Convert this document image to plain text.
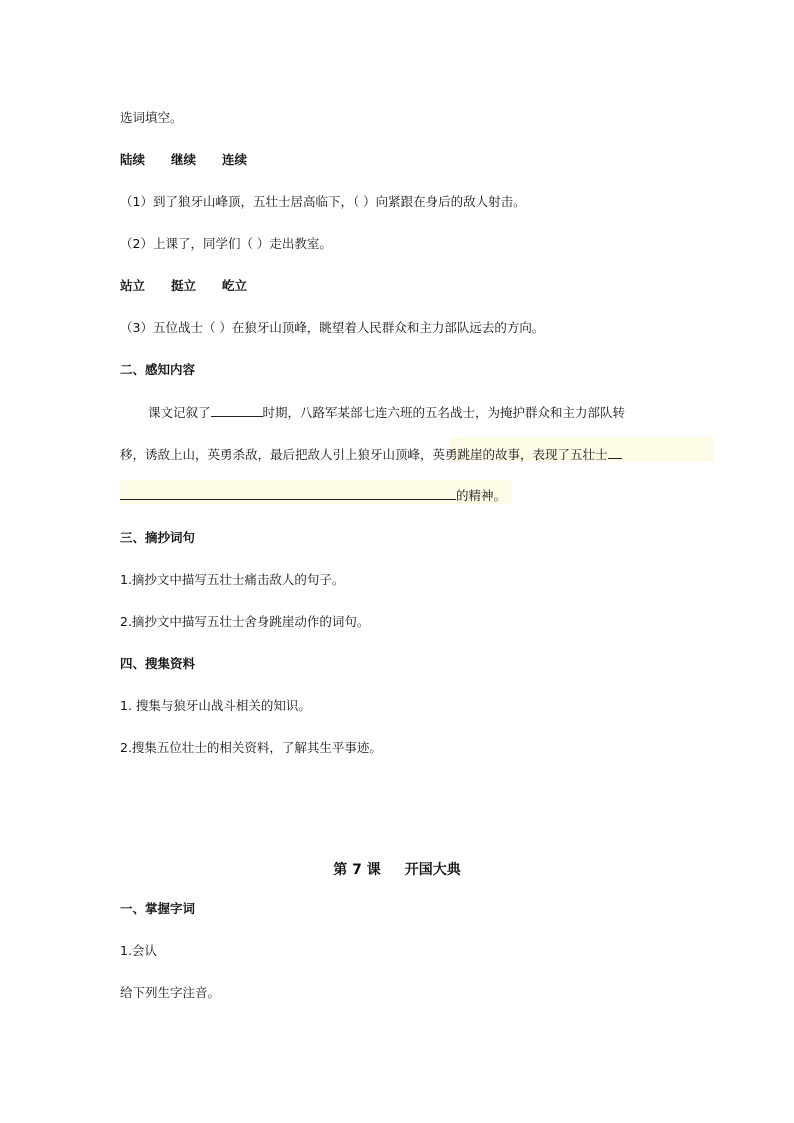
选词填空。
陆续 继续 连续
（1）到了狼牙山峰顶，五壮士居高临下，（ ）向紧跟在身后的敌人射击。
（2）上课了，同学们（ ）走出教室。
站立 挺立 屹立
（3）五位战士（ ）在狼牙山顶峰，眺望着人民群众和主力部队远去的方向。
二、感知内容
课文记叙了	时期，八路军某部七连六班的五名战士，为掩护群众和主力部队转
移，诱敌上山，英勇杀敌，最后把敌人引上狼牙山顶峰，英勇跳崖的故事，表现了五壮士
的精神。
三、摘抄词句
1.摘抄文中描写五壮士痛击敌人的句子。
2.摘抄文中描写五壮士舍身跳崖动作的词句。
四、搜集资料
1. 搜集与狼牙山战斗相关的知识。
2.搜集五位壮士的相关资料，了解其生平事迹。
第 7 课 开国大典
一、掌握字词
1.会认
给下列生字注音。
